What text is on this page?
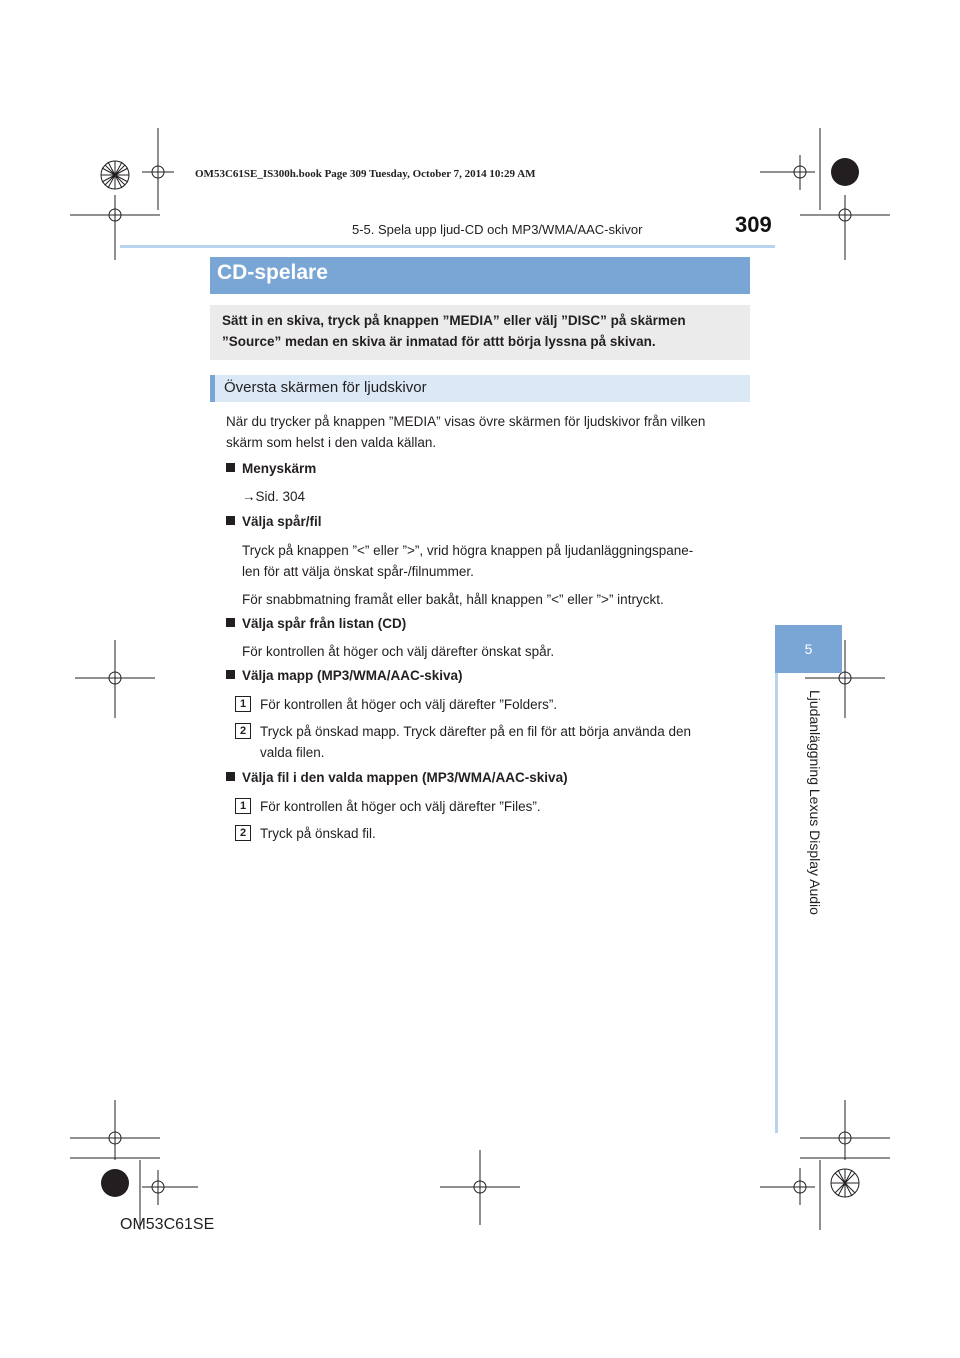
OM53C61SE_IS300h.book Page 309 Tuesday, October 7, 2014 10:29 AM
5-5. Spela upp ljud-CD och MP3/WMA/AAC-skivor	309
CD-spelare
Sätt in en skiva, tryck på knappen ”MEDIA” eller välj ”DISC” på skärmen
”Source” medan en skiva är inmatad för attt börja lyssna på skivan.
Översta skärmen för ljudskivor
När du trycker på knappen ”MEDIA” visas övre skärmen för ljudskivor från vilken
skärm som helst i den valda källan.
Menyskärm
→Sid. 304
Välja spår/fil
Tryck på knappen ”<” eller ”>”, vrid högra knappen på ljudanläggningspane-
len för att välja önskat spår-/filnummer.
För snabbmatning framåt eller bakåt, håll knappen ”<” eller ”>” intryckt.
Välja spår från listan (CD)
För kontrollen åt höger och välj därefter önskat spår.
Välja mapp (MP3/WMA/AAC-skiva)
1	För kontrollen åt höger och välj därefter ”Folders”.
2	Tryck på önskad mapp. Tryck därefter på en fil för att börja använda den
valda filen.
Välja fil i den valda mappen (MP3/WMA/AAC-skiva)
1	För kontrollen åt höger och välj därefter ”Files”.
2	Tryck på önskad fil.
5
Ljudanläggning Lexus Display Audio
OM53C61SE
